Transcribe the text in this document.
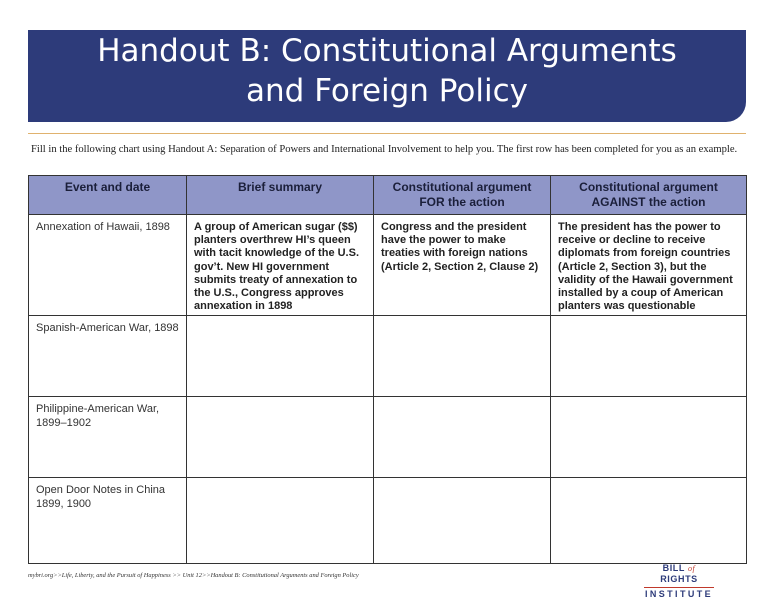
Handout B: Constitutional Arguments
and Foreign Policy
Fill in the following chart using Handout A: Separation of Powers and International Involvement to help you. The first row has been completed for you as an example.
Event and date	Brief summary	Constitutional argument FOR the action	Constitutional argument AGAINST the action
Annexation of Hawaii, 1898	A group of American sugar ($$) planters overthrew HI’s queen with tacit knowledge of the U.S. gov’t. New HI government submits treaty of annexation to the U.S., Congress approves annexation in 1898	Congress and the president have the power to make treaties with foreign nations (Article 2, Section 2, Clause 2)	The president has the power to receive or decline to receive diplomats from foreign countries (Article 2, Section 3), but the validity of the Hawaii government installed by a coup of American planters was questionable
Spanish-American War, 1898			
Philippine-American War, 1899–1902			
Open Door Notes in China 1899, 1900			
mybri.org>>Life, Liberty, and the Pursuit of Happiness >> Unit 12>>Handout B: Constitutional Arguments and Foreign Policy
BILL of RIGHTS
INSTITUTE
